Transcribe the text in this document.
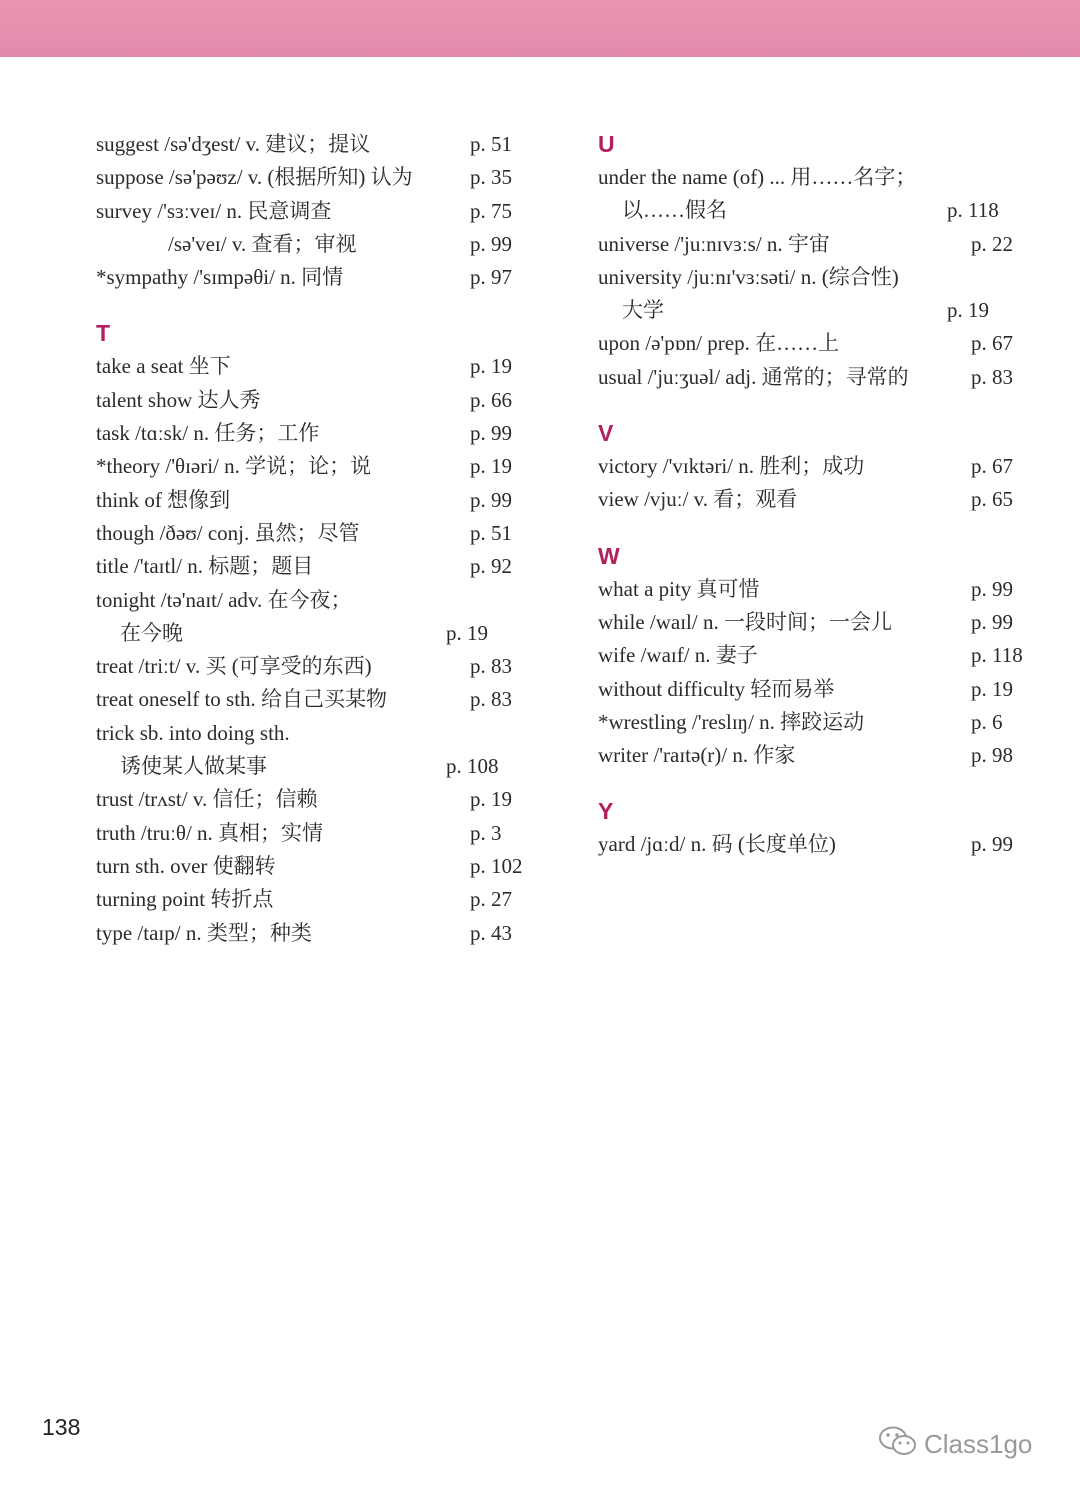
suggest /sə'dʒest/ v. 建议；提议	p. 51
suppose /sə'pəʊz/ v. (根据所知) 认为	p. 35
survey /'sɜːveɪ/ n. 民意调查	p. 75
/sə'veɪ/ v. 查看；审视	p. 99
*sympathy /'sɪmpəθi/ n. 同情	p. 97
T
take a seat 坐下	p. 19
talent show 达人秀	p. 66
task /tɑːsk/ n. 任务；工作	p. 99
*theory /'θɪəri/ n. 学说；论；说	p. 19
think of 想像到	p. 99
though /ðəʊ/ conj. 虽然；尽管	p. 51
title /'taɪtl/ n. 标题；题目	p. 92
tonight /tə'naɪt/ adv. 在今夜；
在今晚	p. 19
treat /triːt/ v. 买 (可享受的东西)	p. 83
treat oneself to sth. 给自己买某物	p. 83
trick sb. into doing sth.
诱使某人做某事	p. 108
trust /trʌst/ v. 信任；信赖	p. 19
truth /truːθ/ n. 真相；实情	p. 3
turn sth. over 使翻转	p. 102
turning point 转折点	p. 27
type /taɪp/ n. 类型；种类	p. 43
U
under the name (of) ... 用……名字；
以……假名	p. 118
universe /'juːnɪvɜːs/ n. 宇宙	p. 22
university /juːnɪ'vɜːsəti/ n. (综合性)
大学	p. 19
upon /ə'pɒn/ prep. 在……上	p. 67
usual /'juːʒuəl/ adj. 通常的；寻常的	p. 83
V
victory /'vɪktəri/ n. 胜利；成功	p. 67
view /vjuː/ v. 看；观看	p. 65
W
what a pity 真可惜	p. 99
while /waɪl/ n. 一段时间；一会儿	p. 99
wife /waɪf/ n. 妻子	p. 118
without difficulty 轻而易举	p. 19
*wrestling /'reslɪŋ/ n. 摔跤运动	p. 6
writer /'raɪtə(r)/ n. 作家	p. 98
Y
yard /jɑːd/ n. 码 (长度单位)	p. 99
138
Class1go
